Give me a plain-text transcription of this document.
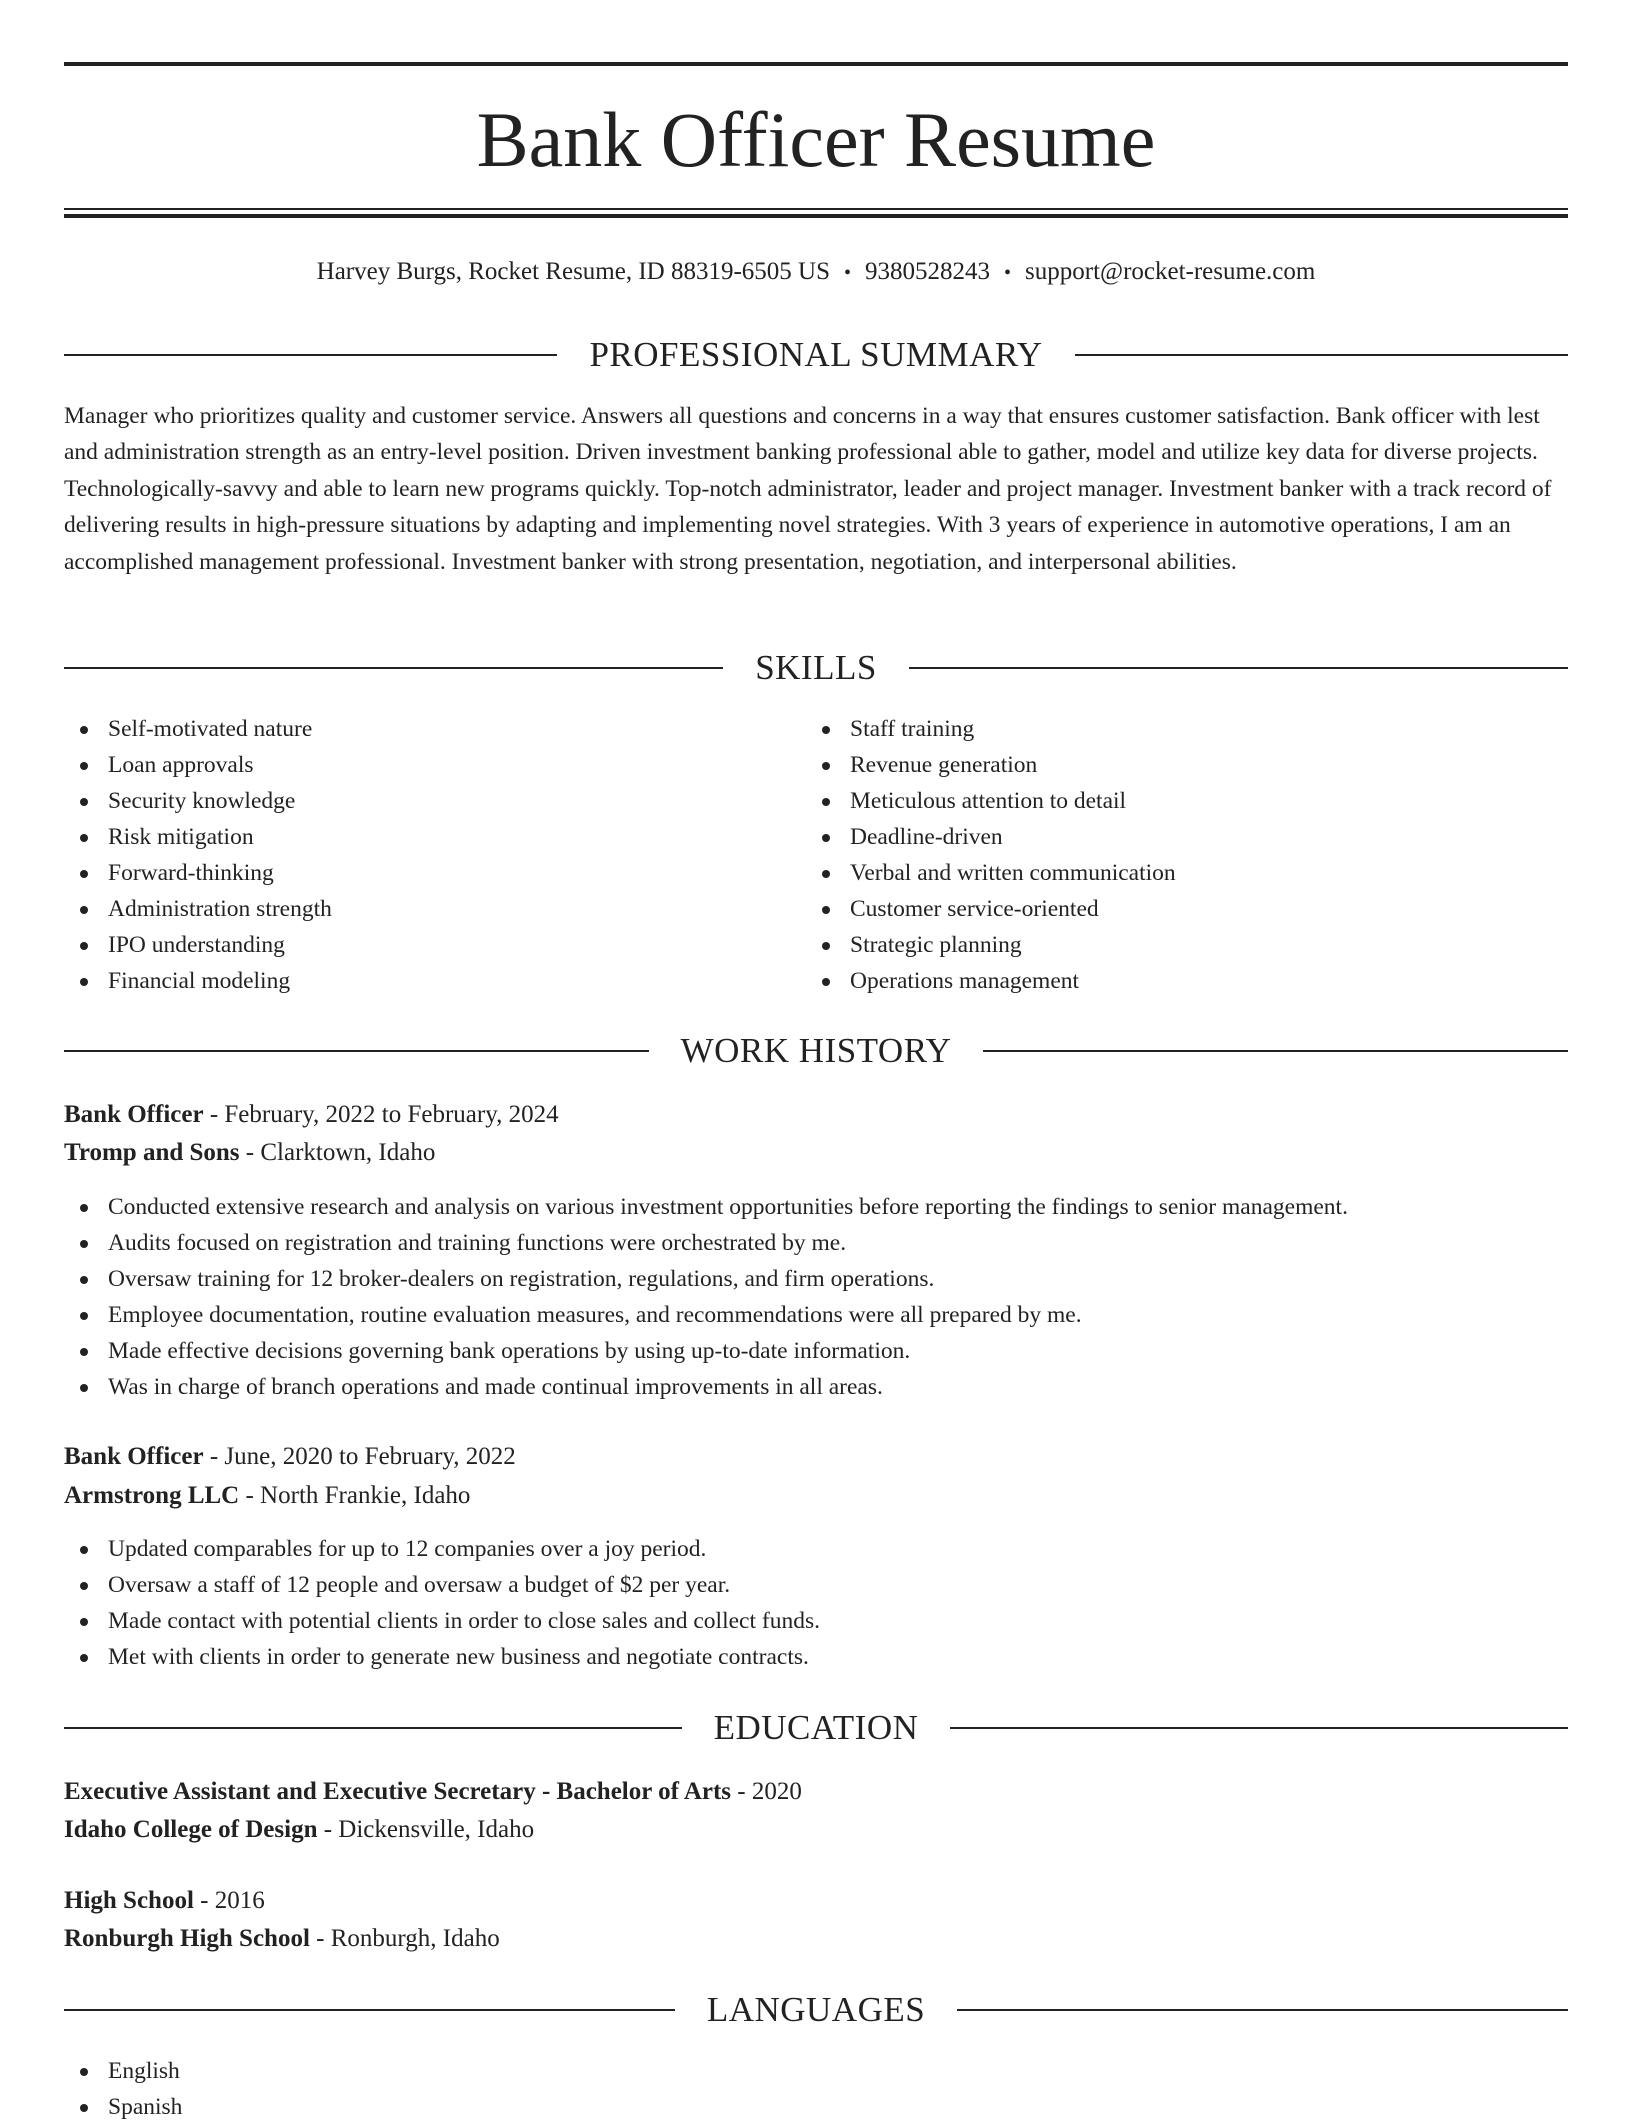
Bank Officer Resume
Harvey Burgs, Rocket Resume, ID 88319-6505 US • 9380528243 • support@rocket-resume.com
PROFESSIONAL SUMMARY

Manager who prioritizes quality and customer service. Answers all questions and concerns in a way that ensures customer satisfaction. Bank officer with lest and administration strength as an entry-level position. Driven investment banking professional able to gather, model and utilize key data for diverse projects. Technologically-savvy and able to learn new programs quickly. Top-notch administrator, leader and project manager. Investment banker with a track record of delivering results in high-pressure situations by adapting and implementing novel strategies. With 3 years of experience in automotive operations, I am an accomplished management professional. Investment banker with strong presentation, negotiation, and interpersonal abilities.

SKILLS
Self-motivated nature
Loan approvals
Security knowledge
Risk mitigation
Forward-thinking
Administration strength
IPO understanding
Financial modeling
Staff training
Revenue generation
Meticulous attention to detail
Deadline-driven
Verbal and written communication
Customer service-oriented
Strategic planning
Operations management
WORK HISTORY
Bank Officer - February, 2022 to February, 2024
Tromp and Sons - Clarktown, Idaho
Conducted extensive research and analysis on various investment opportunities before reporting the findings to senior management.
Audits focused on registration and training functions were orchestrated by me.
Oversaw training for 12 broker-dealers on registration, regulations, and firm operations.
Employee documentation, routine evaluation measures, and recommendations were all prepared by me.
Made effective decisions governing bank operations by using up-to-date information.
Was in charge of branch operations and made continual improvements in all areas.
Bank Officer - June, 2020 to February, 2022
Armstrong LLC - North Frankie, Idaho
Updated comparables for up to 12 companies over a joy period.
Oversaw a staff of 12 people and oversaw a budget of $2 per year.
Made contact with potential clients in order to close sales and collect funds.
Met with clients in order to generate new business and negotiate contracts.
EDUCATION
Executive Assistant and Executive Secretary - Bachelor of Arts - 2020
Idaho College of Design - Dickensville, Idaho
High School - 2016
Ronburgh High School - Ronburgh, Idaho
LANGUAGES
English
Spanish
